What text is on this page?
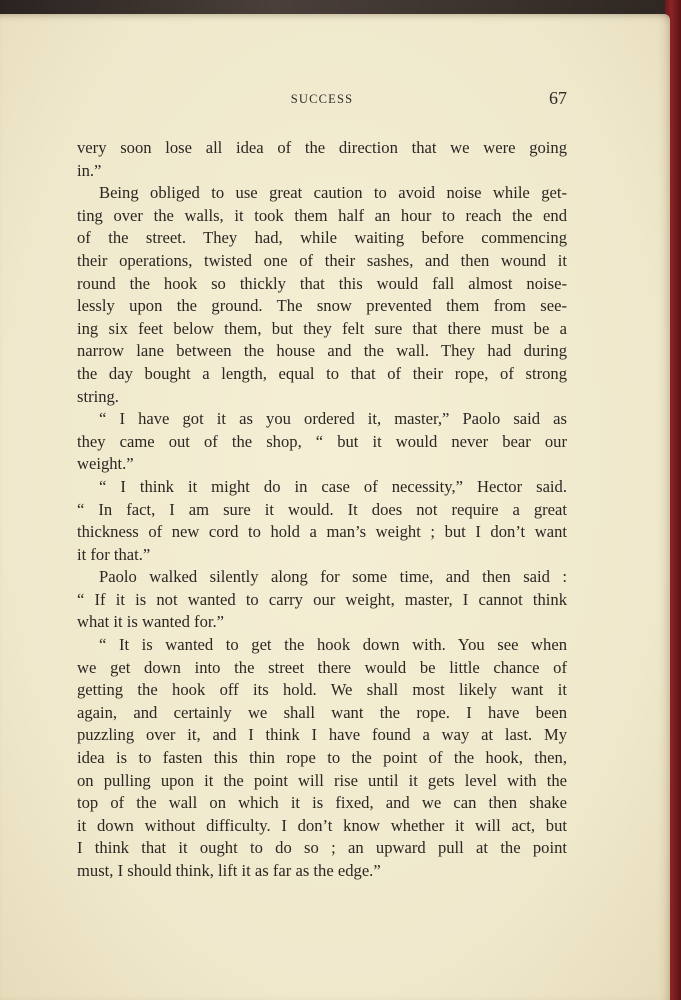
SUCCESS	67
very soon lose all idea of the direction that we were going
in.”
Being obliged to use great caution to avoid noise while get-
ting over the walls, it took them half an hour to reach the end
of the street. They had, while waiting before commencing
their operations, twisted one of their sashes, and then wound it
round the hook so thickly that this would fall almost noise-
lessly upon the ground. The snow prevented them from see-
ing six feet below them, but they felt sure that there must be a
narrow lane between the house and the wall. They had during
the day bought a length, equal to that of their rope, of strong
string.
“ I have got it as you ordered it, master,” Paolo said as
they came out of the shop, “ but it would never bear our
weight.”
“ I think it might do in case of necessity,” Hector said.
“ In fact, I am sure it would. It does not require a great
thickness of new cord to hold a man’s weight ; but I don’t want
it for that.”
Paolo walked silently along for some time, and then said :
“ If it is not wanted to carry our weight, master, I cannot think
what it is wanted for.”
“ It is wanted to get the hook down with. You see when
we get down into the street there would be little chance of
getting the hook off its hold. We shall most likely want it
again, and certainly we shall want the rope. I have been
puzzling over it, and I think I have found a way at last. My
idea is to fasten this thin rope to the point of the hook, then,
on pulling upon it the point will rise until it gets level with the
top of the wall on which it is fixed, and we can then shake
it down without difficulty. I don’t know whether it will act, but
I think that it ought to do so ; an upward pull at the point
must, I should think, lift it as far as the edge.”
